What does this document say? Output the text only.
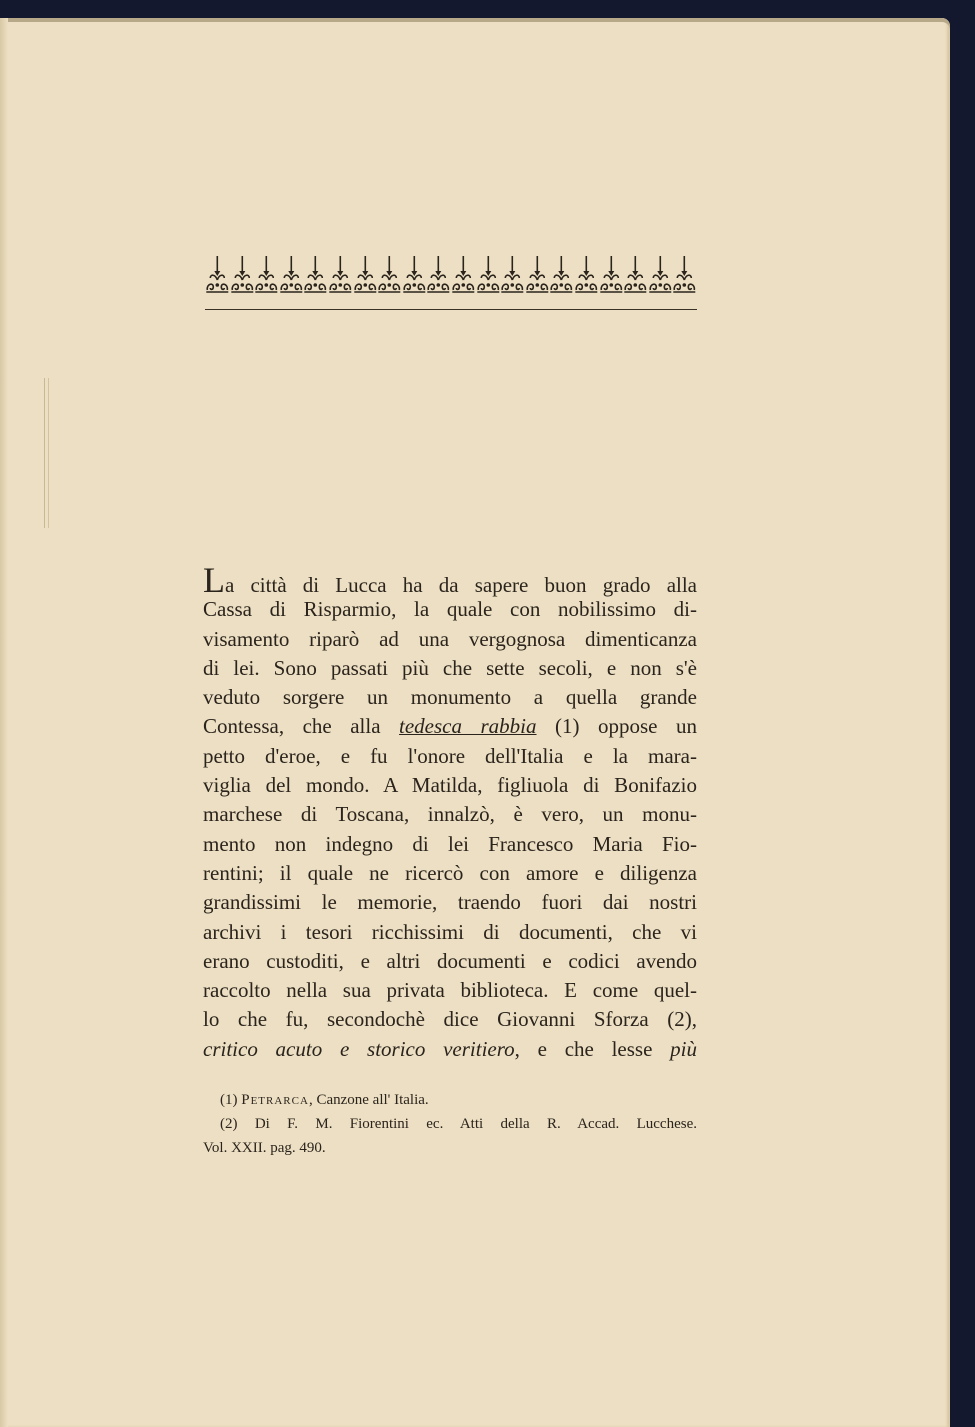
La città di Lucca ha da sapere buon grado alla
Cassa di Risparmio, la quale con nobilissimo di-
visamento riparò ad una vergognosa dimenticanza
di lei. Sono passati più che sette secoli, e non s'è
veduto sorgere un monumento a quella grande
Contessa, che alla tedesca rabbia (1) oppose un
petto d'eroe, e fu l'onore dell'Italia e la mara-
viglia del mondo. A Matilda, figliuola di Bonifazio
marchese di Toscana, innalzò, è vero, un monu-
mento non indegno di lei Francesco Maria Fio-
rentini; il quale ne ricercò con amore e diligenza
grandissimi le memorie, traendo fuori dai nostri
archivi i tesori ricchissimi di documenti, che vi
erano custoditi, e altri documenti e codici avendo
raccolto nella sua privata biblioteca. E come quel-
lo che fu, secondochè dice Giovanni Sforza (2),
critico acuto e storico veritiero, e che lesse più
(1) Petrarca, Canzone all' Italia.
(2) Di F. M. Fiorentini ec. Atti della R. Accad. Lucchese.
Vol. XXII. pag. 490.
